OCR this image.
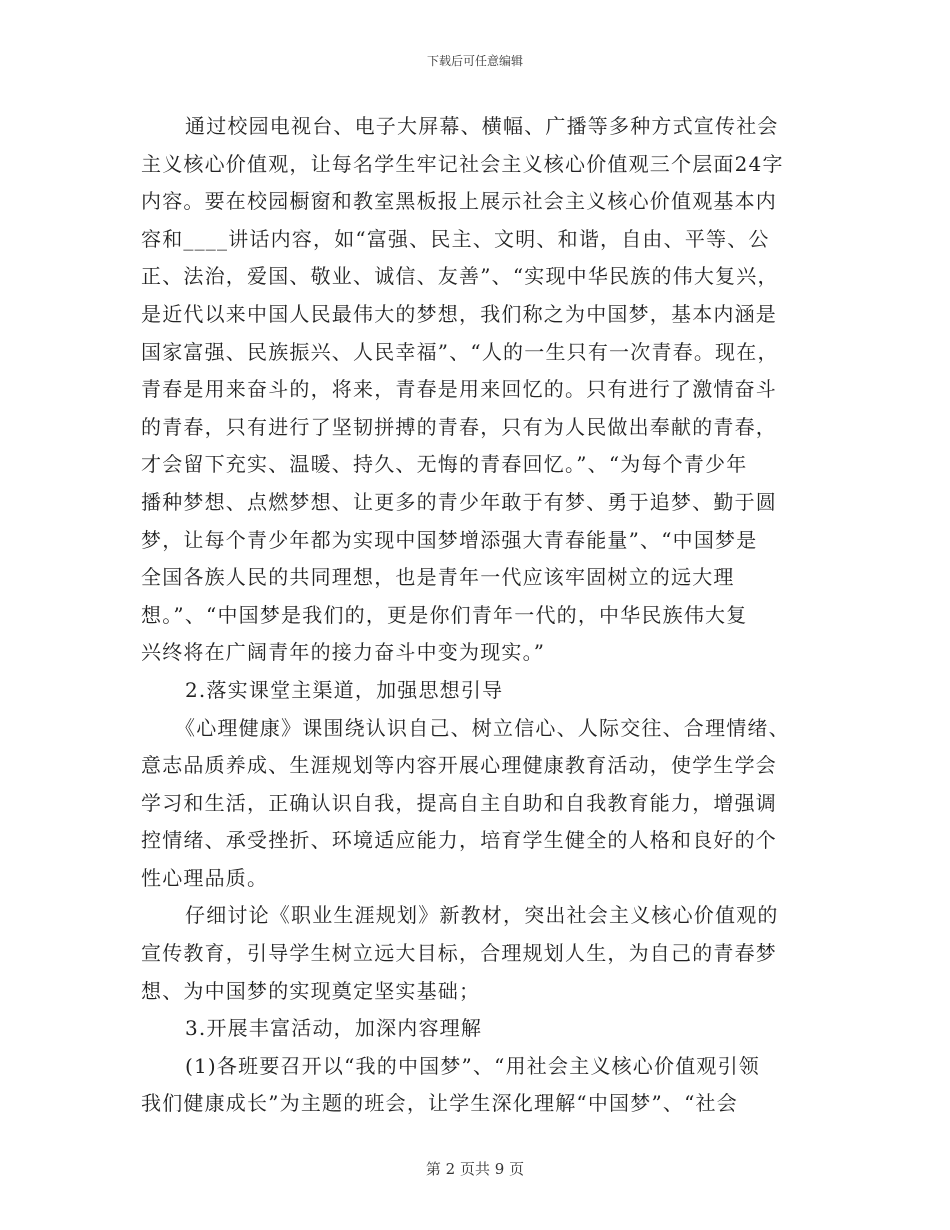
下载后可任意编辑
通过校园电视台、电子大屏幕、横幅、广播等多种方式宣传社会
主义核心价值观，让每名学生牢记社会主义核心价值观三个层面24字
内容。要在校园橱窗和教室黑板报上展示社会主义核心价值观基本内
容和____讲话内容，如“富强、民主、文明、和谐，自由、平等、公
正、法治，爱国、敬业、诚信、友善”、“实现中华民族的伟大复兴，
是近代以来中国人民最伟大的梦想，我们称之为中国梦，基本内涵是
国家富强、民族振兴、人民幸福”、“人的一生只有一次青春。现在，
青春是用来奋斗的，将来，青春是用来回忆的。只有进行了激情奋斗
的青春，只有进行了坚韧拼搏的青春，只有为人民做出奉献的青春，
才会留下充实、温暖、持久、无悔的青春回忆。”、“为每个青少年
播种梦想、点燃梦想、让更多的青少年敢于有梦、勇于追梦、勤于圆
梦，让每个青少年都为实现中国梦增添强大青春能量”、“中国梦是
全国各族人民的共同理想，也是青年一代应该牢固树立的远大理
想。”、“中国梦是我们的，更是你们青年一代的，中华民族伟大复
兴终将在广阔青年的接力奋斗中变为现实。”
2.落实课堂主渠道，加强思想引导
《心理健康》课围绕认识自己、树立信心、人际交往、合理情绪、
意志品质养成、生涯规划等内容开展心理健康教育活动，使学生学会
学习和生活，正确认识自我，提高自主自助和自我教育能力，增强调
控情绪、承受挫折、环境适应能力，培育学生健全的人格和良好的个
性心理品质。
仔细讨论《职业生涯规划》新教材，突出社会主义核心价值观的
宣传教育，引导学生树立远大目标，合理规划人生，为自己的青春梦
想、为中国梦的实现奠定坚实基础；
3.开展丰富活动，加深内容理解
(1)各班要召开以“我的中国梦”、“用社会主义核心价值观引领
我们健康成长”为主题的班会，让学生深化理解“中国梦”、“社会
第 2 页共 9 页
